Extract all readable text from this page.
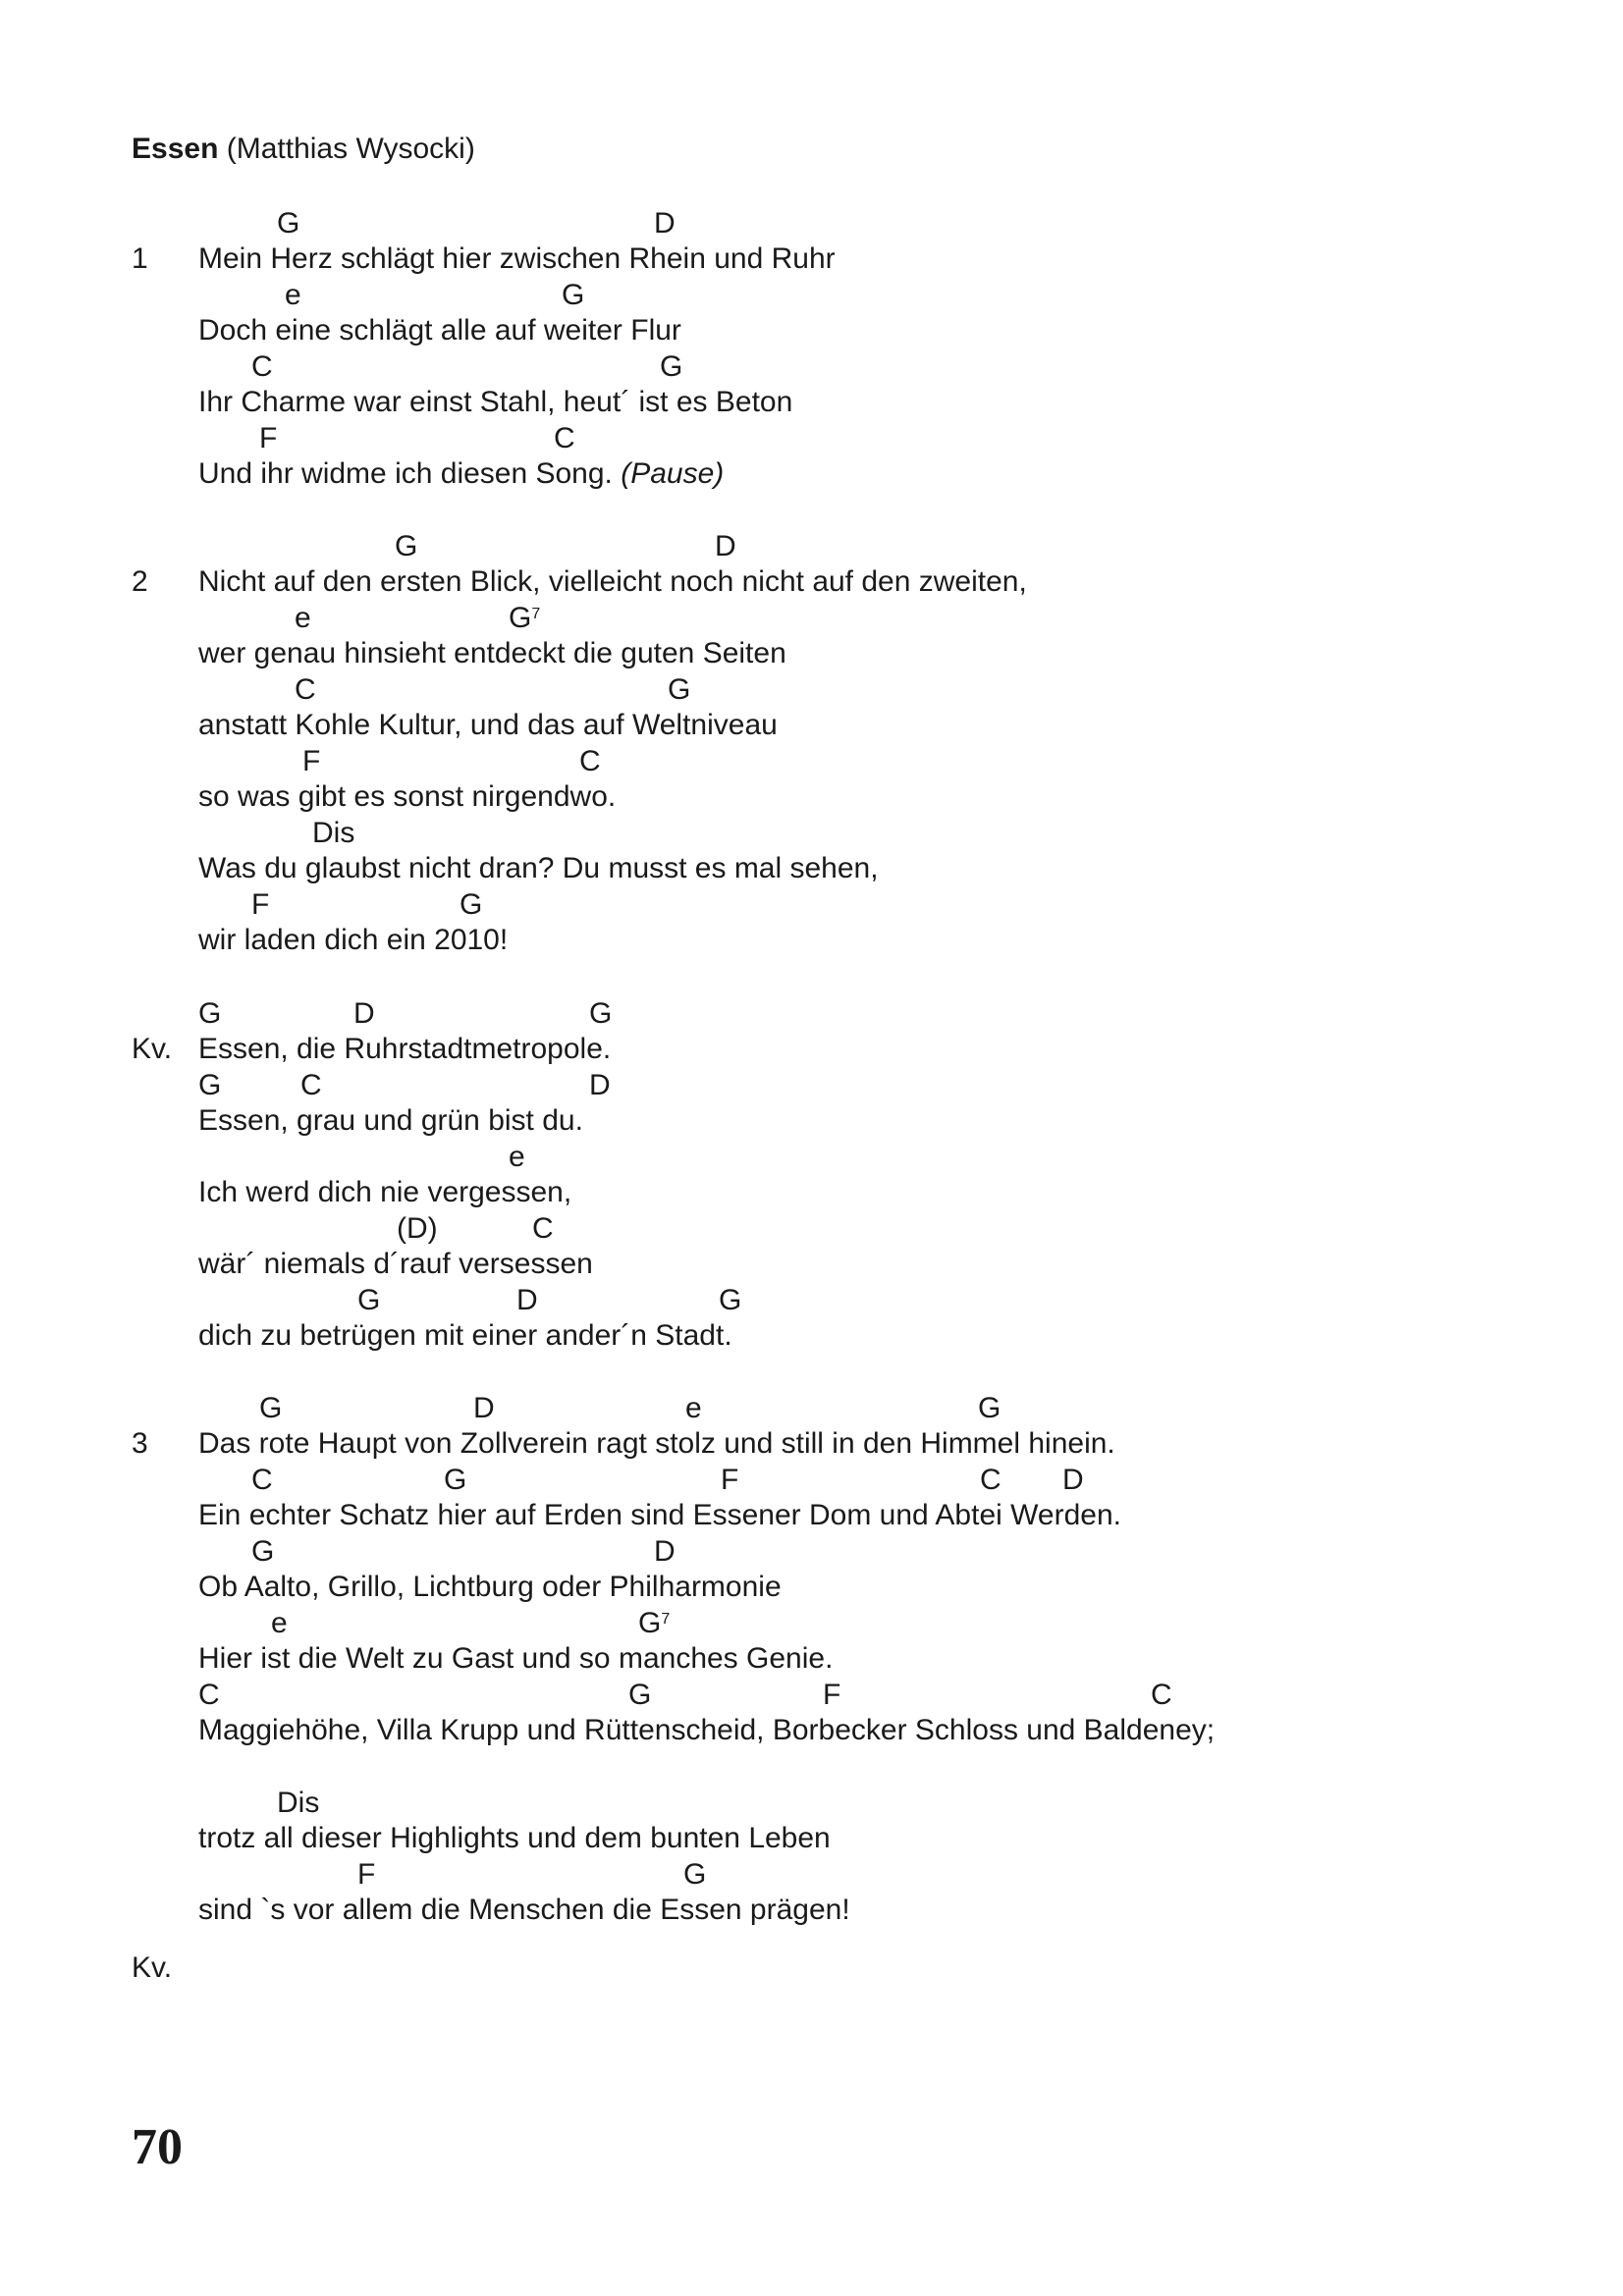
Essen (Matthias Wysocki)
1
G	D
Mein Herz schlägt hier zwischen Rhein und Ruhr
e	G
Doch eine schlägt alle auf weiter Flur
C	G
Ihr Charme war einst Stahl, heut´ ist es Beton
F	C
Und ihr widme ich diesen Song. (Pause)
2
G	D
Nicht auf den ersten Blick, vielleicht noch nicht auf den zweiten,
e	$G^7$
wer genau hinsieht entdeckt die guten Seiten
C	G
anstatt Kohle Kultur, und das auf Weltniveau
F	C
so was gibt es sonst nirgendwo.
Dis
Was du glaubst nicht dran? Du musst es mal sehen,
F	G
wir laden dich ein 2010!
Kv.
G	D	G
Essen, die Ruhrstadtmetropole.
G	C	D
Essen, grau und grün bist du.
e
Ich werd dich nie vergessen,
(D)	C
wär´ niemals d´rauf versessen
G	D	G
dich zu betrügen mit einer ander´n Stadt.
3
G	D	e	G
Das rote Haupt von Zollverein ragt stolz und still in den Himmel hinein.
C	G	F	C D
Ein echter Schatz hier auf Erden sind Essener Dom und Abtei Werden.
G	D
Ob Aalto, Grillo, Lichtburg oder Philharmonie
e	$G^7$
Hier ist die Welt zu Gast und so manches Genie.
C	G	F	C
Maggiehöhe, Villa Krupp und Rüttenscheid, Borbecker Schloss und Baldeney;
Dis
trotz all dieser Highlights und dem bunten Leben
F	G
sind `s vor allem die Menschen die Essen prägen!
Kv.
70
